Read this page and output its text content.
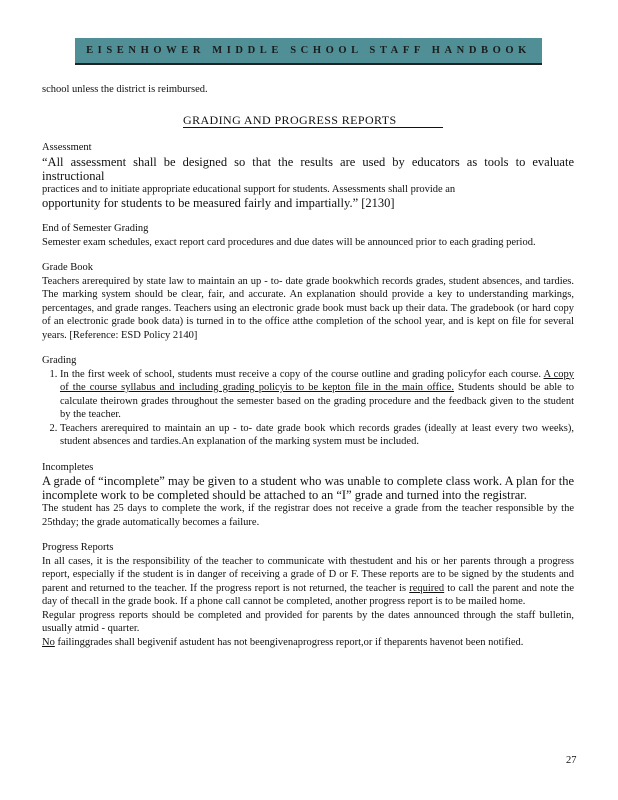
EISENHOWER MIDDLE SCHOOL STAFF HANDBOOK

school unless the district is reimbursed.

GRADING AND PROGRESS REPORTS

Assessment

“All assessment shall be designed so that the results are used by educators as tools to evaluate instructional

practices and to initiate appropriate educational support for students. Assessments shall provide an

opportunity for students to be measured fairly and impartially.” [2130]

End of Semester Grading

Semester exam schedules, exact report card procedures and due dates will be announced prior to each grading period.

Grade Book

Teachers arerequired by state law to maintain an up - to- date grade bookwhich records grades, student absences, and tardies. The marking system should be clear, fair, and accurate. An explanation should provide a key to understanding markings, percentages, and grade ranges. Teachers using an electronic grade book must back up their data. The gradebook (or hard copy of an electronic grade book data) is turned in to the office atthe completion of the school year, and is kept on file for several years. [Reference: ESD Policy 2140]

Grading

1. In the first week of school, students must receive a copy of the course outline and grading policyfor each course. A copy of the course syllabus and including grading policyis to be kepton file in the main office. Students should be able to calculate theirown grades throughout the semester based on the grading procedure and the feedback given to the student by the teacher.
2. Teachers arerequired to maintain an up - to- date grade book which records grades (ideally at least every two weeks), student absences and tardies.An explanation of the marking system must be included.

Incompletes

A grade of “incomplete” may be given to a student who was unable to complete class work. A plan for the incomplete work to be completed should be attached to an “I” grade and turned into the registrar.

The student has 25 days to complete the work, if the registrar does not receive a grade from the teacher responsible by the 25thday; the grade automatically becomes a failure.

Progress Reports

In all cases, it is the responsibility of the teacher to communicate with thestudent and his or her parents through a progress report, especially if the student is in danger of receiving a grade of D or F. These reports are to be signed by the students and parent and returned to the teacher. If the progress report is not returned, the teacher is required to call the parent and note the day of thecall in the grade book. If a phone call cannot be completed, another progress report is to be mailed home.

Regular progress reports should be completed and provided for parents by the dates announced through the staff bulletin, usually atmid - quarter.

No failinggrades shall begivenif astudent has not beengivenaprogress report,or if theparents havenot been notified.

27
